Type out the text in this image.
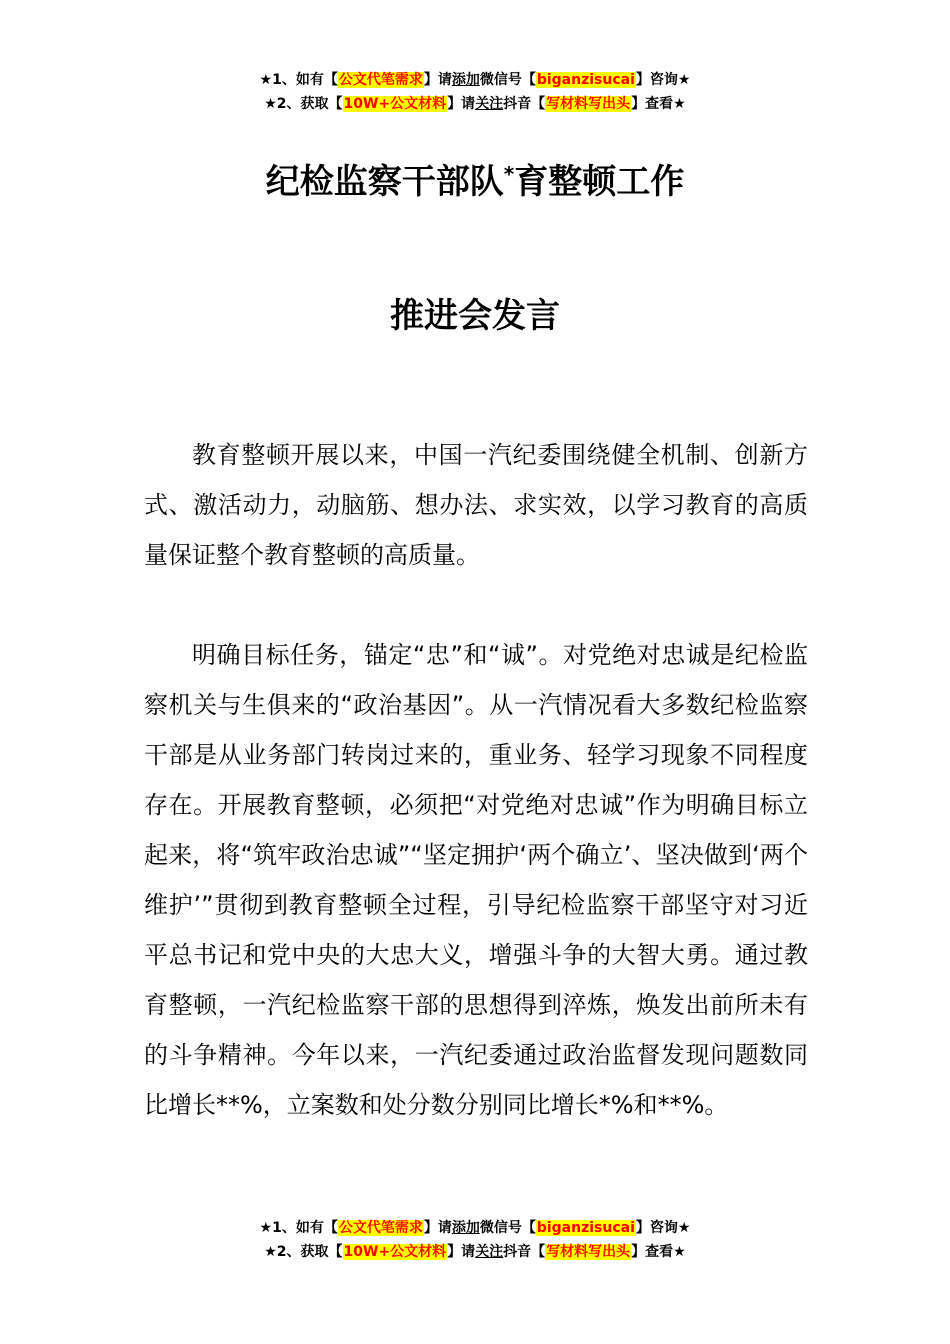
★1、如有【公文代笔需求】请添加微信号【biganzisucai】咨询★
★2、获取【10W+公文材料】请关注抖音【写材料写出头】查看★
纪检监察干部队*育整顿工作
推进会发言

教育整顿开展以来，中国一汽纪委围绕健全机制、创新方式、激活动力，动脑筋、想办法、求实效，以学习教育的高质量保证整个教育整顿的高质量。

明确目标任务，锚定“忠”和“诚”。对党绝对忠诚是纪检监察机关与生俱来的“政治基因”。从一汽情况看大多数纪检监察干部是从业务部门转岗过来的，重业务、轻学习现象不同程度存在。开展教育整顿，必须把“对党绝对忠诚”作为明确目标立起来，将“筑牢政治忠诚”“坚定拥护‘两个确立’、坚决做到‘两个维护’”贯彻到教育整顿全过程，引导纪检监察干部坚守对习近平总书记和党中央的大忠大义，增强斗争的大智大勇。通过教育整顿，一汽纪检监察干部的思想得到淬炼，焕发出前所未有的斗争精神。今年以来，一汽纪委通过政治监督发现问题数同比增长**%，立案数和处分数分别同比增长*%和**%。

★1、如有【公文代笔需求】请添加微信号【biganzisucai】咨询★
★2、获取【10W+公文材料】请关注抖音【写材料写出头】查看★
